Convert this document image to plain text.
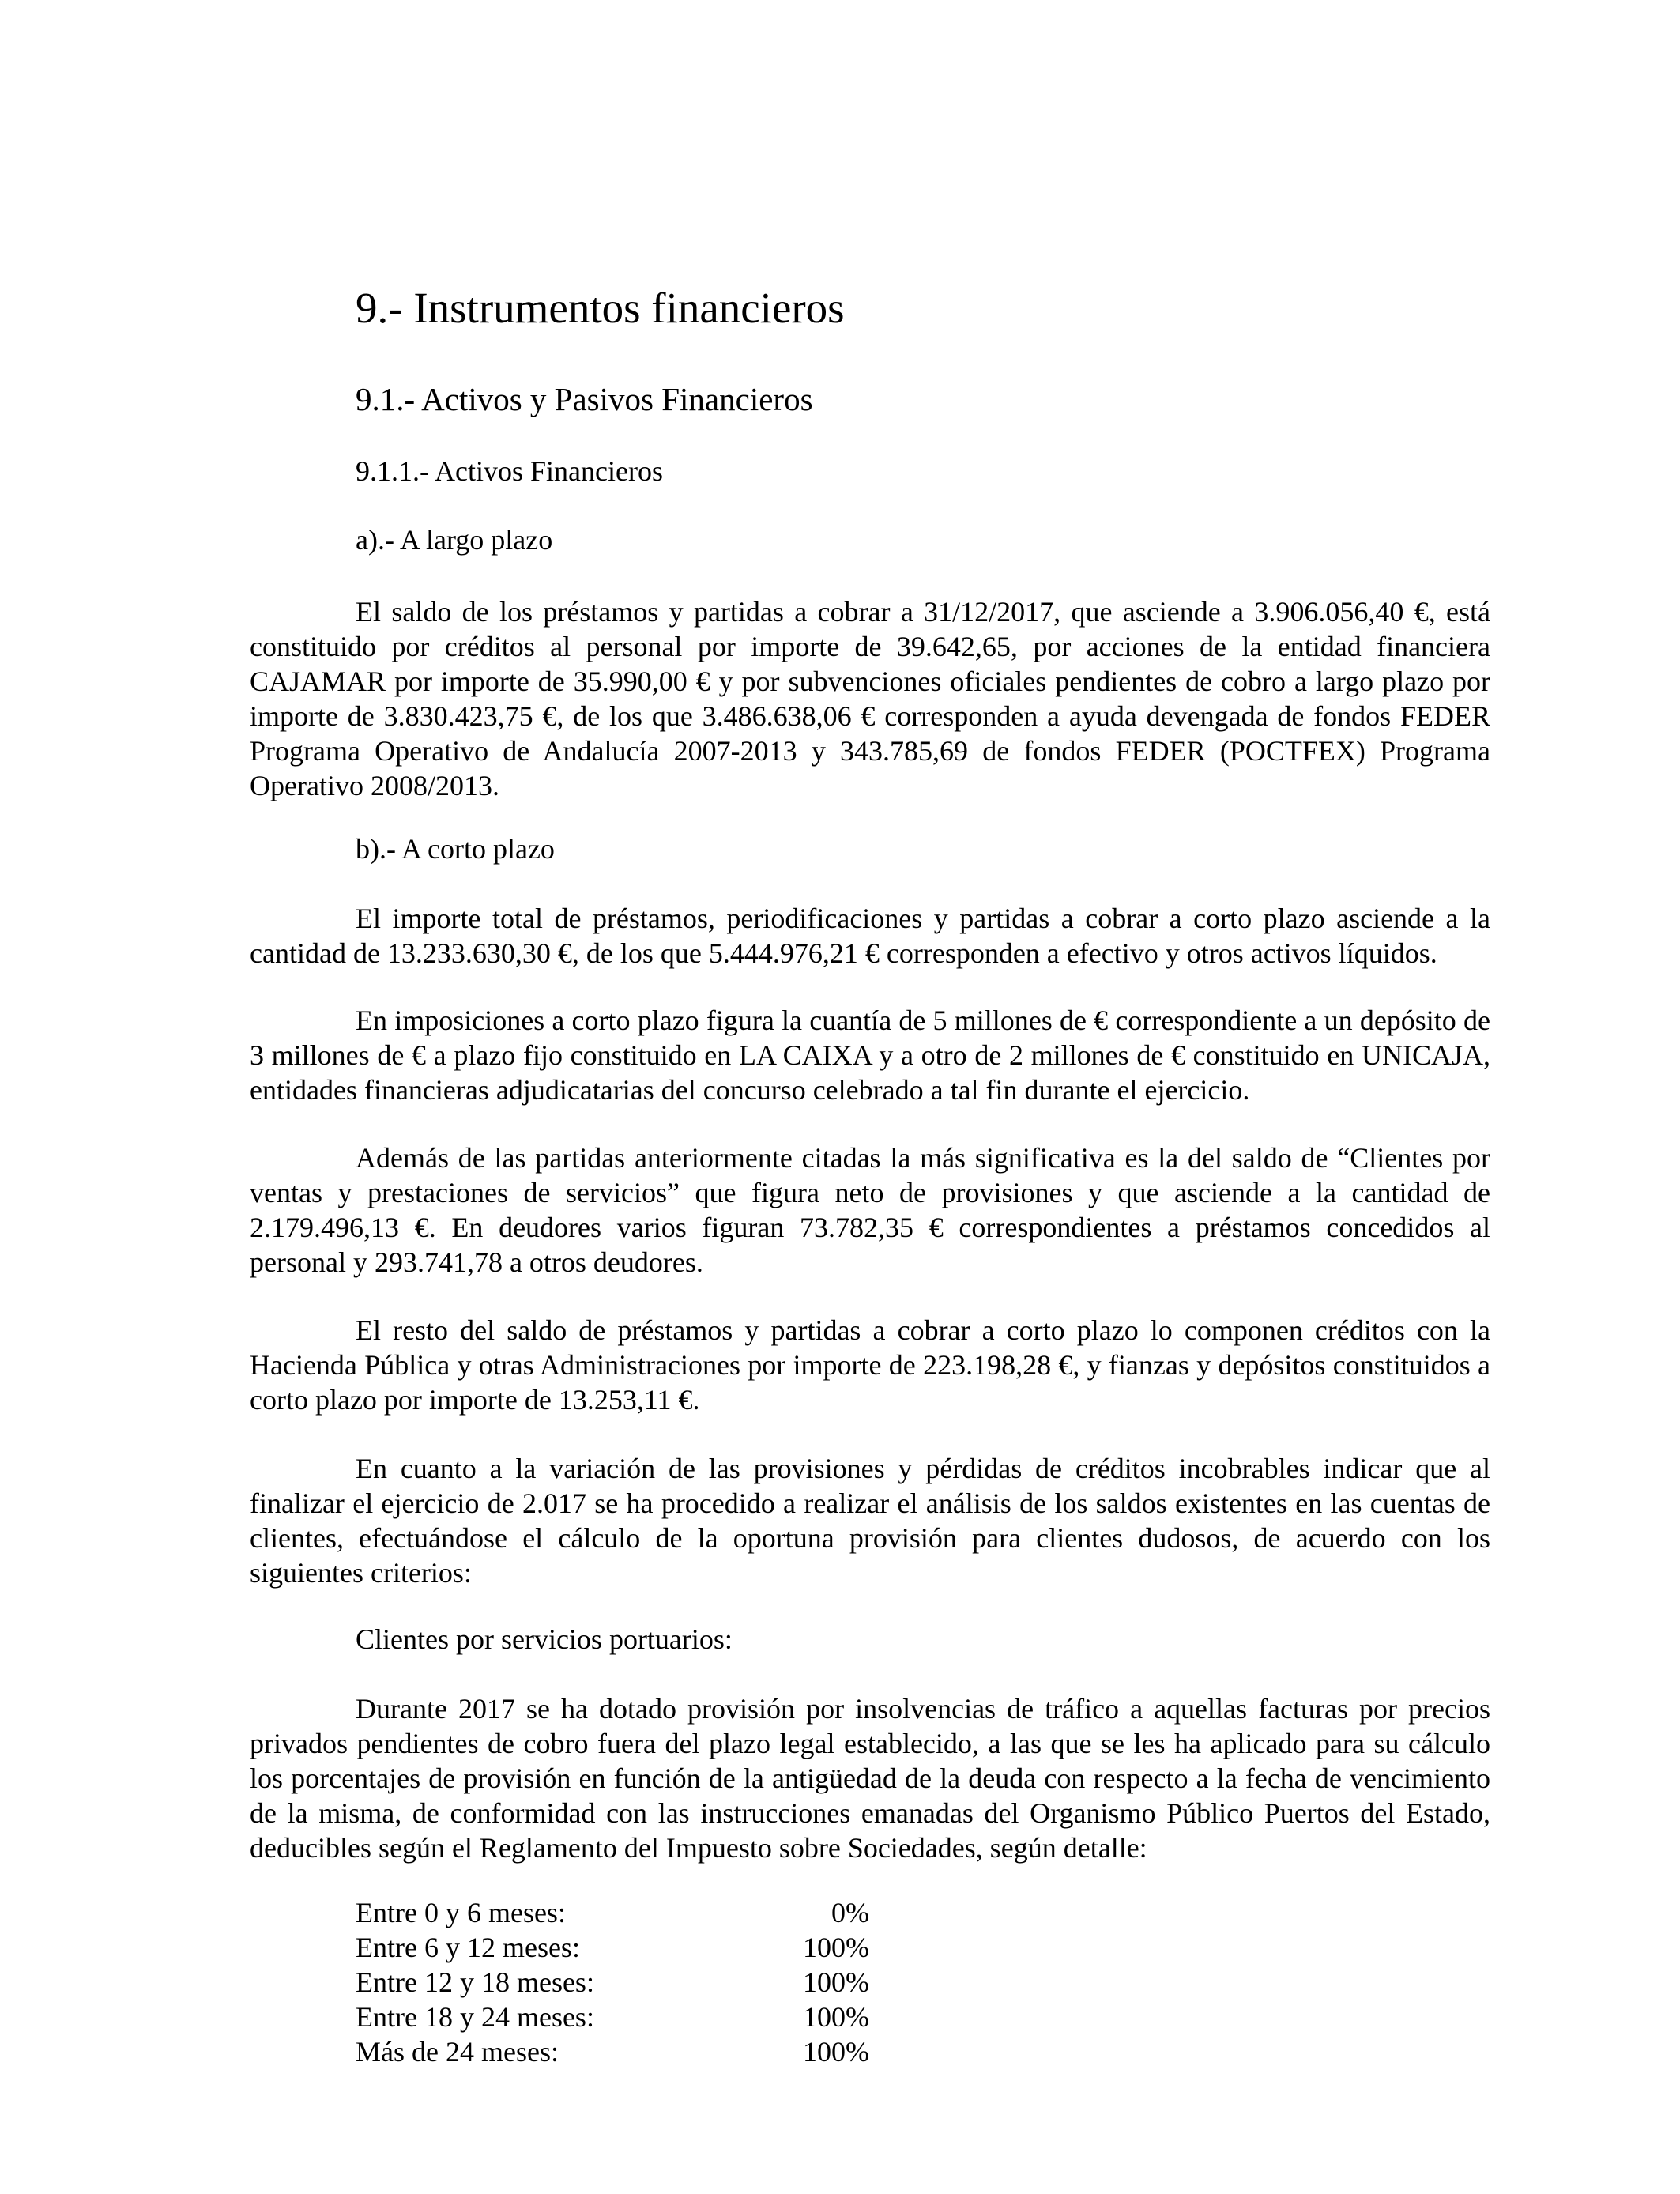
9.- Instrumentos financieros
9.1.- Activos y Pasivos Financieros
9.1.1.- Activos Financieros
a).- A largo plazo

El saldo de los préstamos y partidas a cobrar a 31/12/2017, que asciende a 3.906.056,40 €, está constituido por créditos al personal por importe de 39.642,65, por acciones de la entidad financiera CAJAMAR por importe de 35.990,00 € y por subvenciones oficiales pendientes de cobro a largo plazo por importe de 3.830.423,75 €, de los que 3.486.638,06 € corresponden a ayuda devengada de fondos FEDER Programa Operativo de Andalucía 2007-2013 y 343.785,69 de fondos FEDER (POCTFEX) Programa Operativo 2008/2013.

b).- A corto plazo

El importe total de préstamos, periodificaciones y partidas a cobrar a corto plazo asciende a la cantidad de 13.233.630,30 €, de los que 5.444.976,21 € corresponden a efectivo y otros activos líquidos.

En imposiciones a corto plazo figura la cuantía de 5 millones de € correspondiente a un depósito de 3 millones de € a plazo fijo constituido en LA CAIXA y a otro de 2 millones de € constituido en UNICAJA, entidades financieras adjudicatarias del concurso celebrado a tal fin durante el ejercicio.

Además de las partidas anteriormente citadas la más significativa es la del saldo de “Clientes por ventas y prestaciones de servicios” que figura neto de provisiones y que asciende a la cantidad de 2.179.496,13 €. En deudores varios figuran 73.782,35 € correspondientes a préstamos concedidos al personal y 293.741,78 a otros deudores.

El resto del saldo de préstamos y partidas a cobrar a corto plazo lo componen créditos con la Hacienda Pública y otras Administraciones por importe de 223.198,28 €, y fianzas y depósitos constituidos a corto plazo por importe de 13.253,11 €.

En cuanto a la variación de las provisiones y pérdidas de créditos incobrables indicar que al finalizar el ejercicio de 2.017 se ha procedido a realizar el análisis de los saldos existentes en las cuentas de clientes, efectuándose el cálculo de la oportuna provisión para clientes dudosos, de acuerdo con los siguientes criterios:

Clientes por servicios portuarios:

Durante 2017 se ha dotado provisión por insolvencias de tráfico a aquellas facturas por precios privados pendientes de cobro fuera del plazo legal establecido, a las que se les ha aplicado para su cálculo los porcentajes de provisión en función de la antigüedad de la deuda con respecto a la fecha de vencimiento de la misma, de conformidad con las instrucciones emanadas del Organismo Público Puertos del Estado, deducibles según el Reglamento del Impuesto sobre Sociedades, según detalle:

Entre 0 y 6 meses:	0%
Entre 6 y 12 meses:	100%
Entre 12 y 18 meses:	100%
Entre 18 y 24 meses:	100%
Más de 24 meses:	100%
